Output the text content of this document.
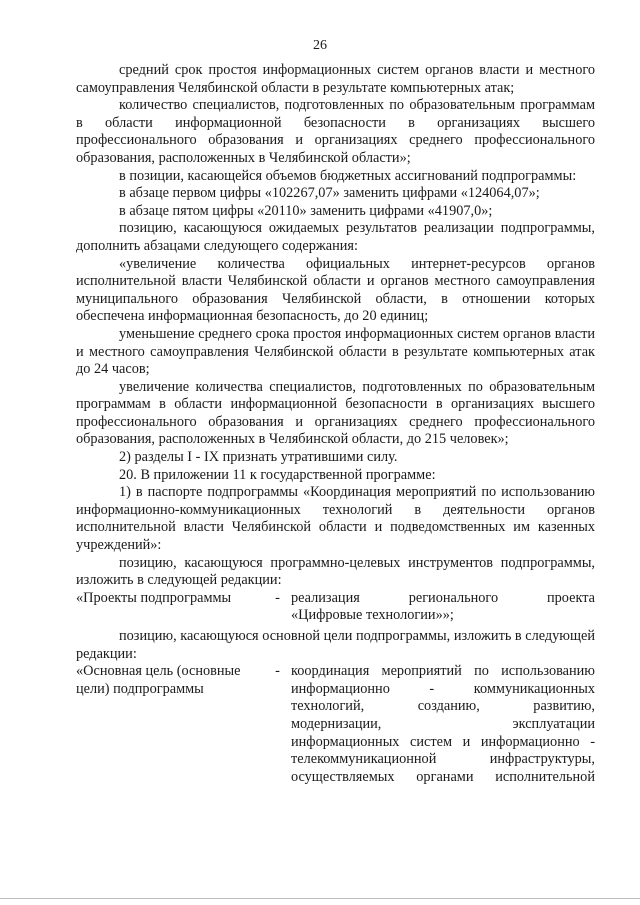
26

средний срок простоя информационных систем органов власти и местного самоуправления Челябинской области в результате компьютерных атак;

количество специалистов, подготовленных по образовательным программам в области информационной безопасности в организациях высшего профессионального образования и организациях среднего профессионального образования, расположенных в Челябинской области»;

в позиции, касающейся объемов бюджетных ассигнований подпрограммы:

в абзаце первом цифры «102267,07» заменить цифрами «124064,07»;

в абзаце пятом цифры «20110» заменить цифрами «41907,0»;

позицию, касающуюся ожидаемых результатов реализации подпрограммы, дополнить абзацами следующего содержания:

«увеличение количества официальных интернет-ресурсов органов исполнительной власти Челябинской области и органов местного самоуправления муниципального образования Челябинской области, в отношении которых обеспечена информационная безопасность, до 20 единиц;

уменьшение среднего срока простоя информационных систем органов власти и местного самоуправления Челябинской области в результате компьютерных атак до 24 часов;

увеличение количества специалистов, подготовленных по образовательным программам в области информационной безопасности в организациях высшего профессионального образования и организациях среднего профессионального образования, расположенных в Челябинской области, до 215 человек»;

2) разделы I - IX признать утратившими силу.

20. В приложении 11 к государственной программе:

1) в паспорте подпрограммы «Координация мероприятий по использованию информационно-коммуникационных технологий в деятельности органов исполнительной власти Челябинской области и подведомственных им казенных учреждений»:

позицию, касающуюся программно-целевых инструментов подпрограммы, изложить в следующей редакции:

«Проекты подпрограммы	- реализация регионального проекта
«Цифровые технологии»»;

позицию, касающуюся основной цели подпрограммы, изложить в следующей редакции:

«Основная цель (основные цели) подпрограммы
- координация мероприятий по использованию
информационно - коммуникационных
технологий, созданию, развитию,
модернизации, эксплуатации
информационных систем и информационно -
телекоммуникационной инфраструктуры,
осуществляемых органами исполнительной
